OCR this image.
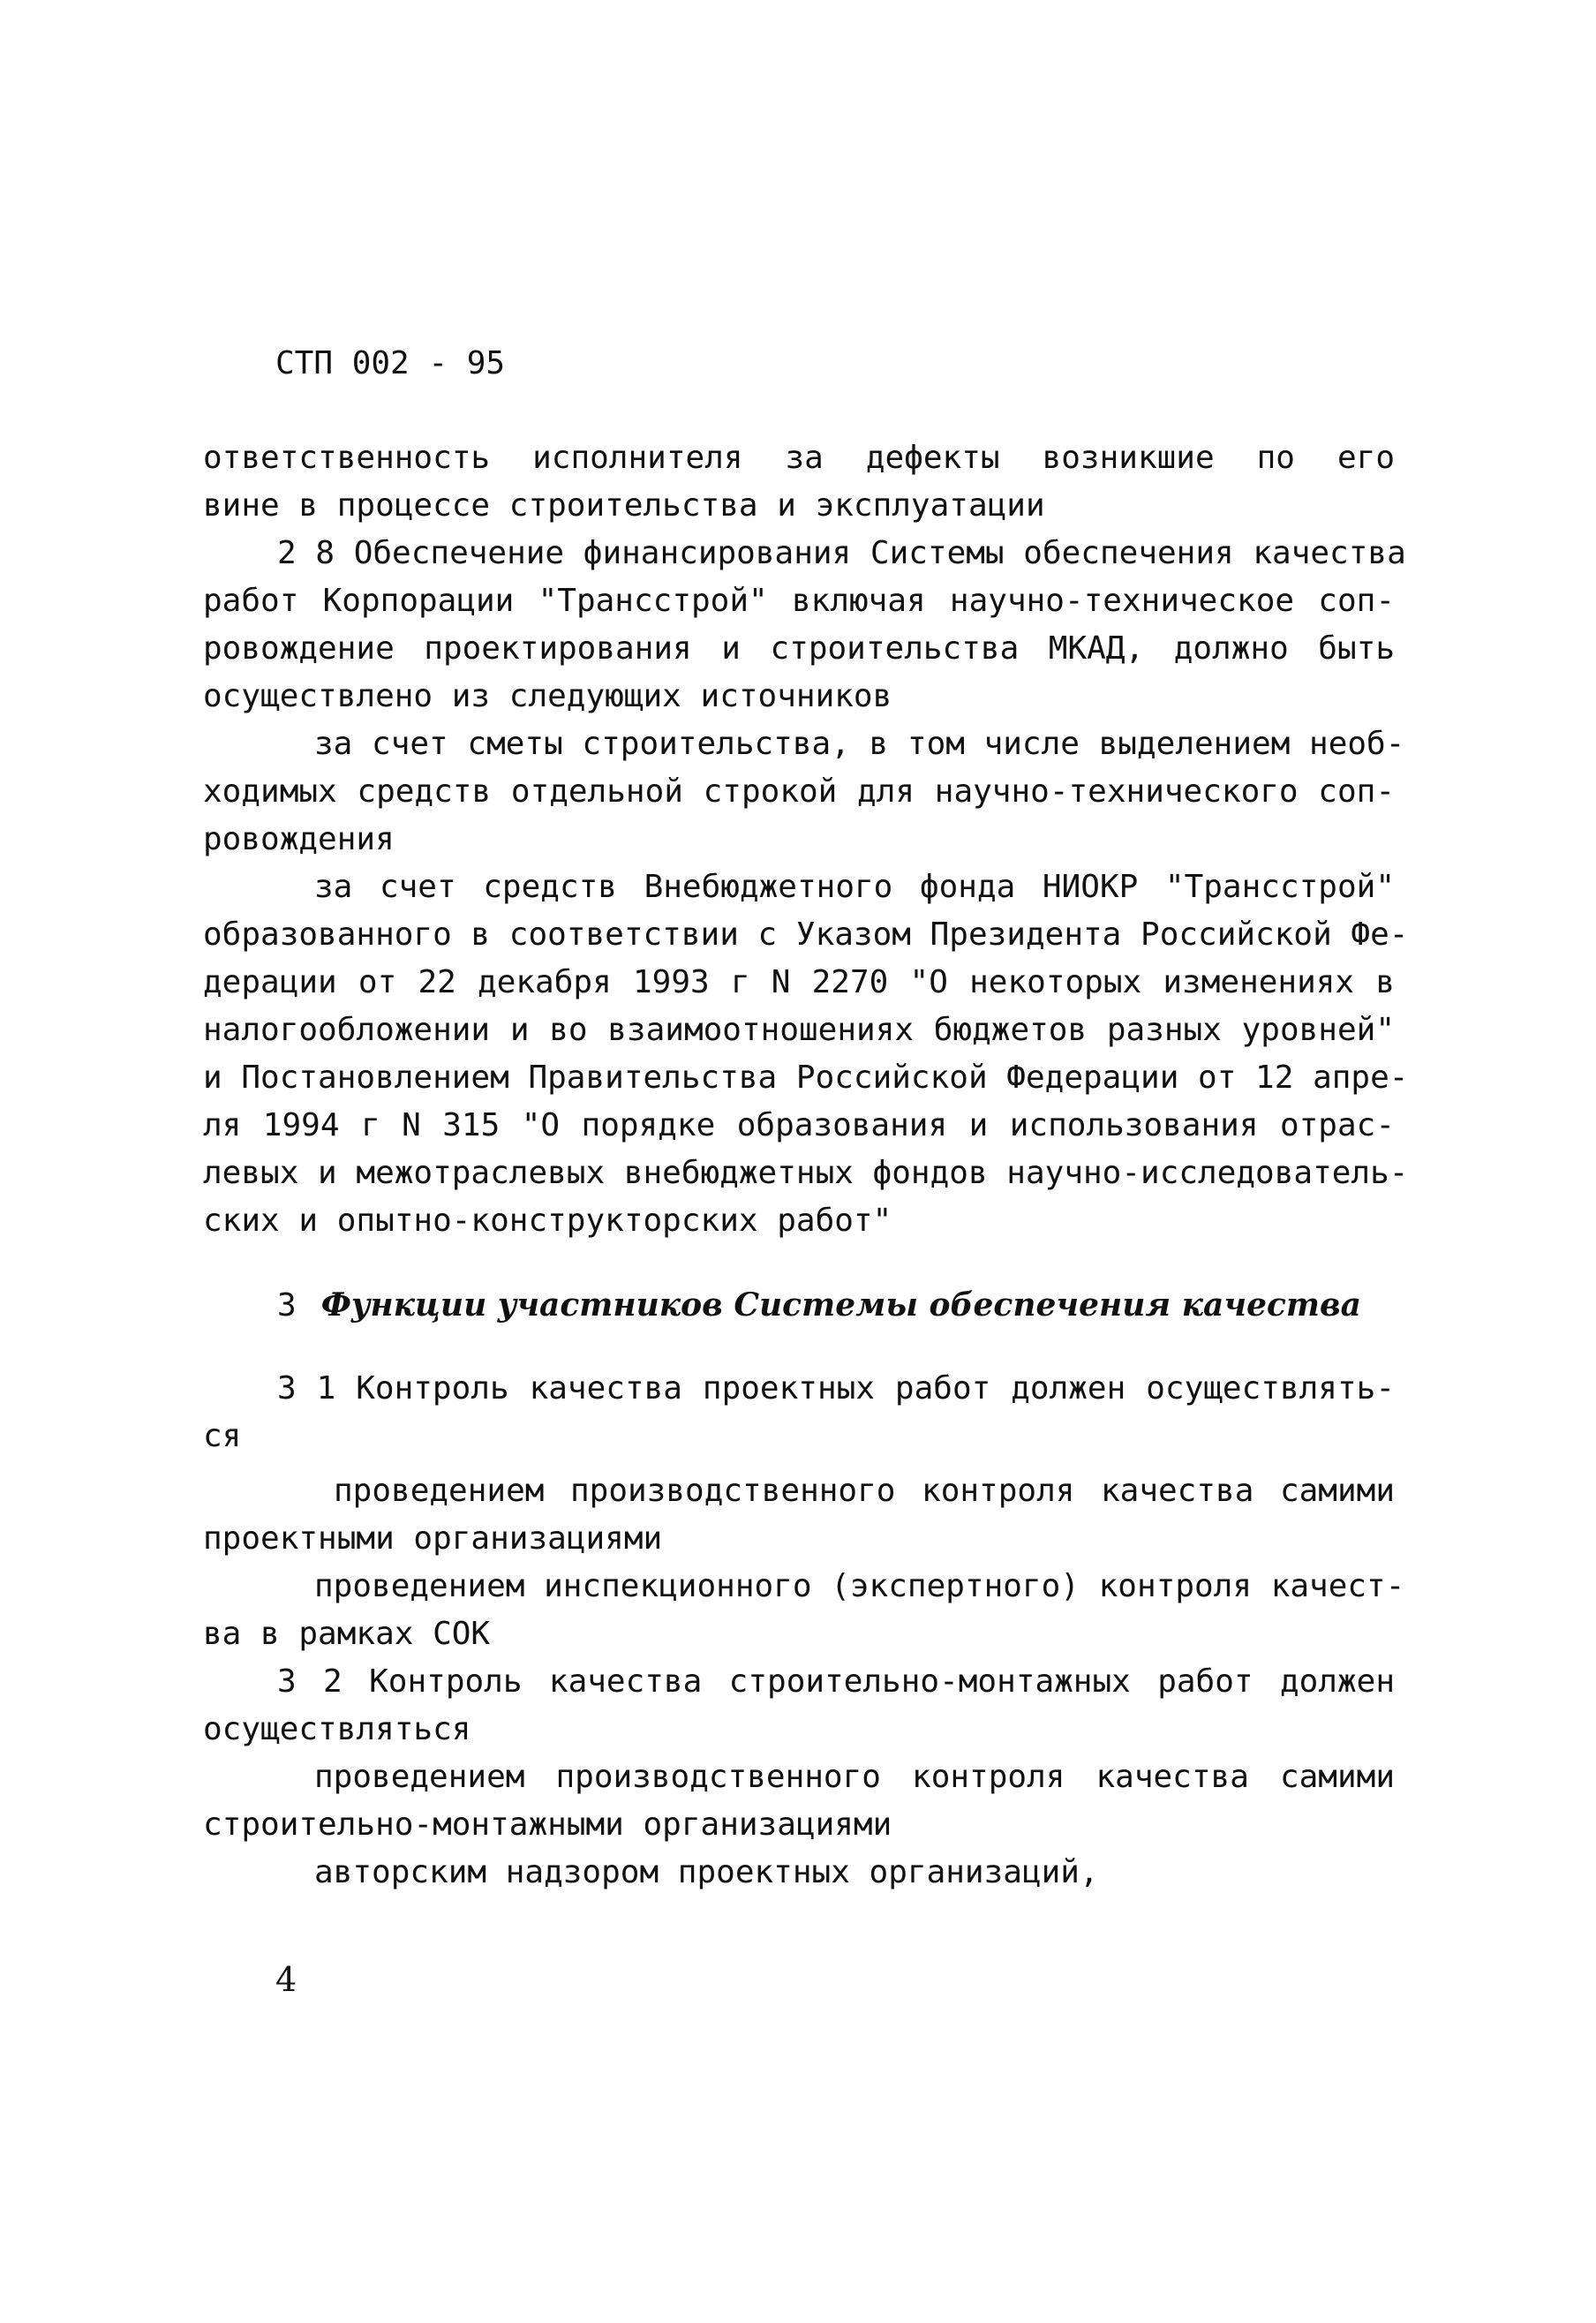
СТП 002 - 95
ответственность исполнителя за дефекты возникшие по его
вине в процессе строительства и эксплуатации
2 8 Обеспечение финансирования Системы обеспечения качества
работ Корпорации "Трансстрой" включая научно-техническое соп-
ровождение проектирования и строительства МКАД, должно быть
осуществлено из следующих источников
за счет сметы строительства, в том числе выделением необ-
ходимых средств отдельной строкой для научно-технического соп-
ровождения
за счет средств Внебюджетного фонда НИОКР "Трансстрой"
образованного в соответствии с Указом Президента Российской Фе-
дерации от 22 декабря 1993 г N 2270 "О некоторых изменениях в
налогообложении и во взаимоотношениях бюджетов разных уровней"
и Постановлением Правительства Российской Федерации от 12 апре-
ля 1994 г N 315 "О порядке образования и использования отрас-
левых и межотраслевых внебюджетных фондов научно-исследователь-
ских и опытно-конструкторских работ"
3 Функции участников Системы обеспечения качества
3 1 Контроль качества проектных работ должен осуществлять-
ся
проведением производственного контроля качества самими
проектными организациями
проведением инспекционного (экспертного) контроля качест-
ва в рамках СОК
3 2 Контроль качества строительно-монтажных работ должен
осуществляться
проведением производственного контроля качества самими
строительно-монтажными организациями
авторским надзором проектных организаций,
4
